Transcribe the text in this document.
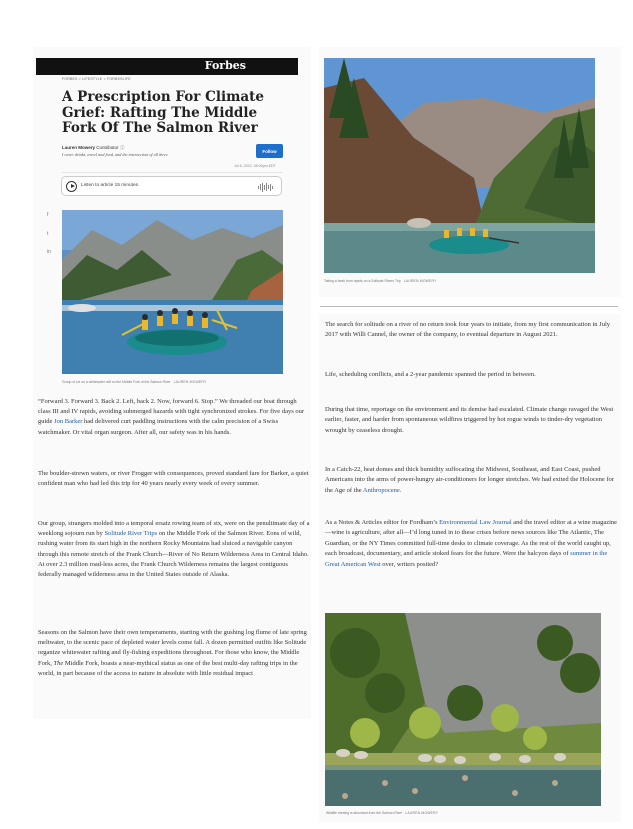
Forbes
FORBES > LIFESTYLE > FORBESLIFE
A Prescription For Climate Grief: Rafting The Middle Fork Of The Salmon River
Lauren Mowery Contributor ⓘ
I cover drinks, travel and food, and the intersection of all three.
Follow
Jul 6, 2022, 08:00pm EDT
Listen to article 15 minutes.
f
t
in
Group of six on a whitewater raft on the Middle Fork of the Salmon River LAUREN MOWERY

“Forward 3. Forward 3. Back 2. Left, back 2. Now, forward 6. Stop.” We threaded our boat through class III and IV rapids, avoiding submerged hazards with tight synchronized strokes. For five days our guide Jon Barker had delivered curt paddling instructions with the calm precision of a Swiss watchmaker. Or vital organ surgeon. After all, our safety was in his hands.

The boulder-strewn waters, or river Frogger with consequences, proved standard fare for Barker, a quiet confident man who had led this trip for 40 years nearly every week of every summer.

Our group, strangers molded into a temporal ersatz rowing team of six, were on the penultimate day of a weeklong sojourn run by Solitude River Trips on the Middle Fork of the Salmon River. Eons of wild, rushing water from its start high in the northern Rocky Mountains had sluiced a navigable canyon through this remote stretch of the Frank Church—River of No Return Wilderness Area in Central Idaho. At over 2.3 million road-less acres, the Frank Church Wilderness remains the largest contiguous federally managed wilderness area in the United States outside of Alaska.

Seasons on the Salmon have their own temperaments, starting with the gushing log flume of late spring meltwater, to the scenic pace of depleted water levels come fall. A dozen permitted outfits like Solitude organize whitewater rafting and fly-fishing expeditions throughout. For those who know, the Middle Fork, The Middle Fork, boasts a near-mythical status as one of the best multi-day rafting trips in the world, in part because of the access to nature in absolute with little residual impact

Taking a beak from rapids on a Solitude Rivers Trip LAUREN MOWERY

The search for solitude on a river of no return took four years to initiate, from my first communication in July 2017 with Willi Cannel, the owner of the company, to eventual departure in August 2021.

Life, scheduling conflicts, and a 2-year pandemic spanned the period in between.

During that time, reportage on the environment and its demise had escalated. Climate change ravaged the West earlier, faster, and harder from spontaneous wildfires triggered by hot rogue winds to tinder-dry vegetation wrought by ceaseless drought.

In a Catch-22, heat domes and thick humidity suffocating the Midwest, Southeast, and East Coast, pushed Americans into the arms of power-hungry air-conditioners for longer stretches. We had exited the Holocene for the Age of the Anthropocene.

As a Notes & Articles editor for Fordham’s Environmental Law Journal and the travel editor at a wine magazine—wine is agriculture, after all—I’d long tuned in to these crises before news sources like The Atlantic, The Guardian, or the NY Times committed full-time desks to climate coverage. As the rest of the world caught up, each broadcast, documentary, and article stoked fears for the future. Were the halcyon days of summer in the Great American West over, writers posited?

Wildlife viewing is abundant from the Salmon River LAUREN MOWERY
